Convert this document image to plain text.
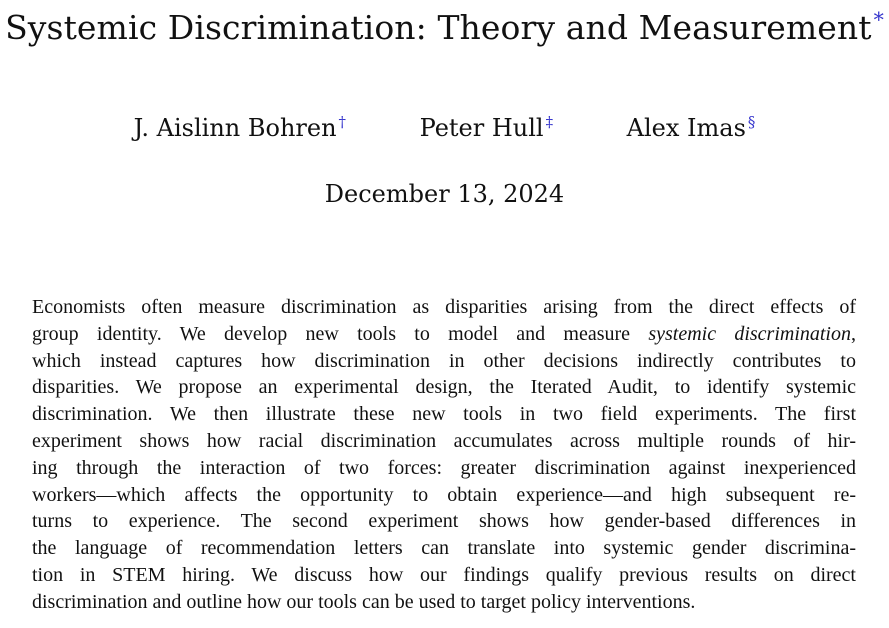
Systemic Discrimination: Theory and Measurement*
J. Aislinn Bohren †	Peter Hull ‡	Alex Imas §
December 13, 2024
Economists often measure discrimination as disparities arising from the direct effects of
group identity. We develop new tools to model and measure systemic discrimination,
which instead captures how discrimination in other decisions indirectly contributes to
disparities. We propose an experimental design, the Iterated Audit, to identify systemic
discrimination. We then illustrate these new tools in two field experiments. The first
experiment shows how racial discrimination accumulates across multiple rounds of hir-
ing through the interaction of two forces: greater discrimination against inexperienced
workers—which affects the opportunity to obtain experience—and high subsequent re-
turns to experience. The second experiment shows how gender-based differences in
the language of recommendation letters can translate into systemic gender discrimina-
tion in STEM hiring. We discuss how our findings qualify previous results on direct
discrimination and outline how our tools can be used to target policy interventions.
